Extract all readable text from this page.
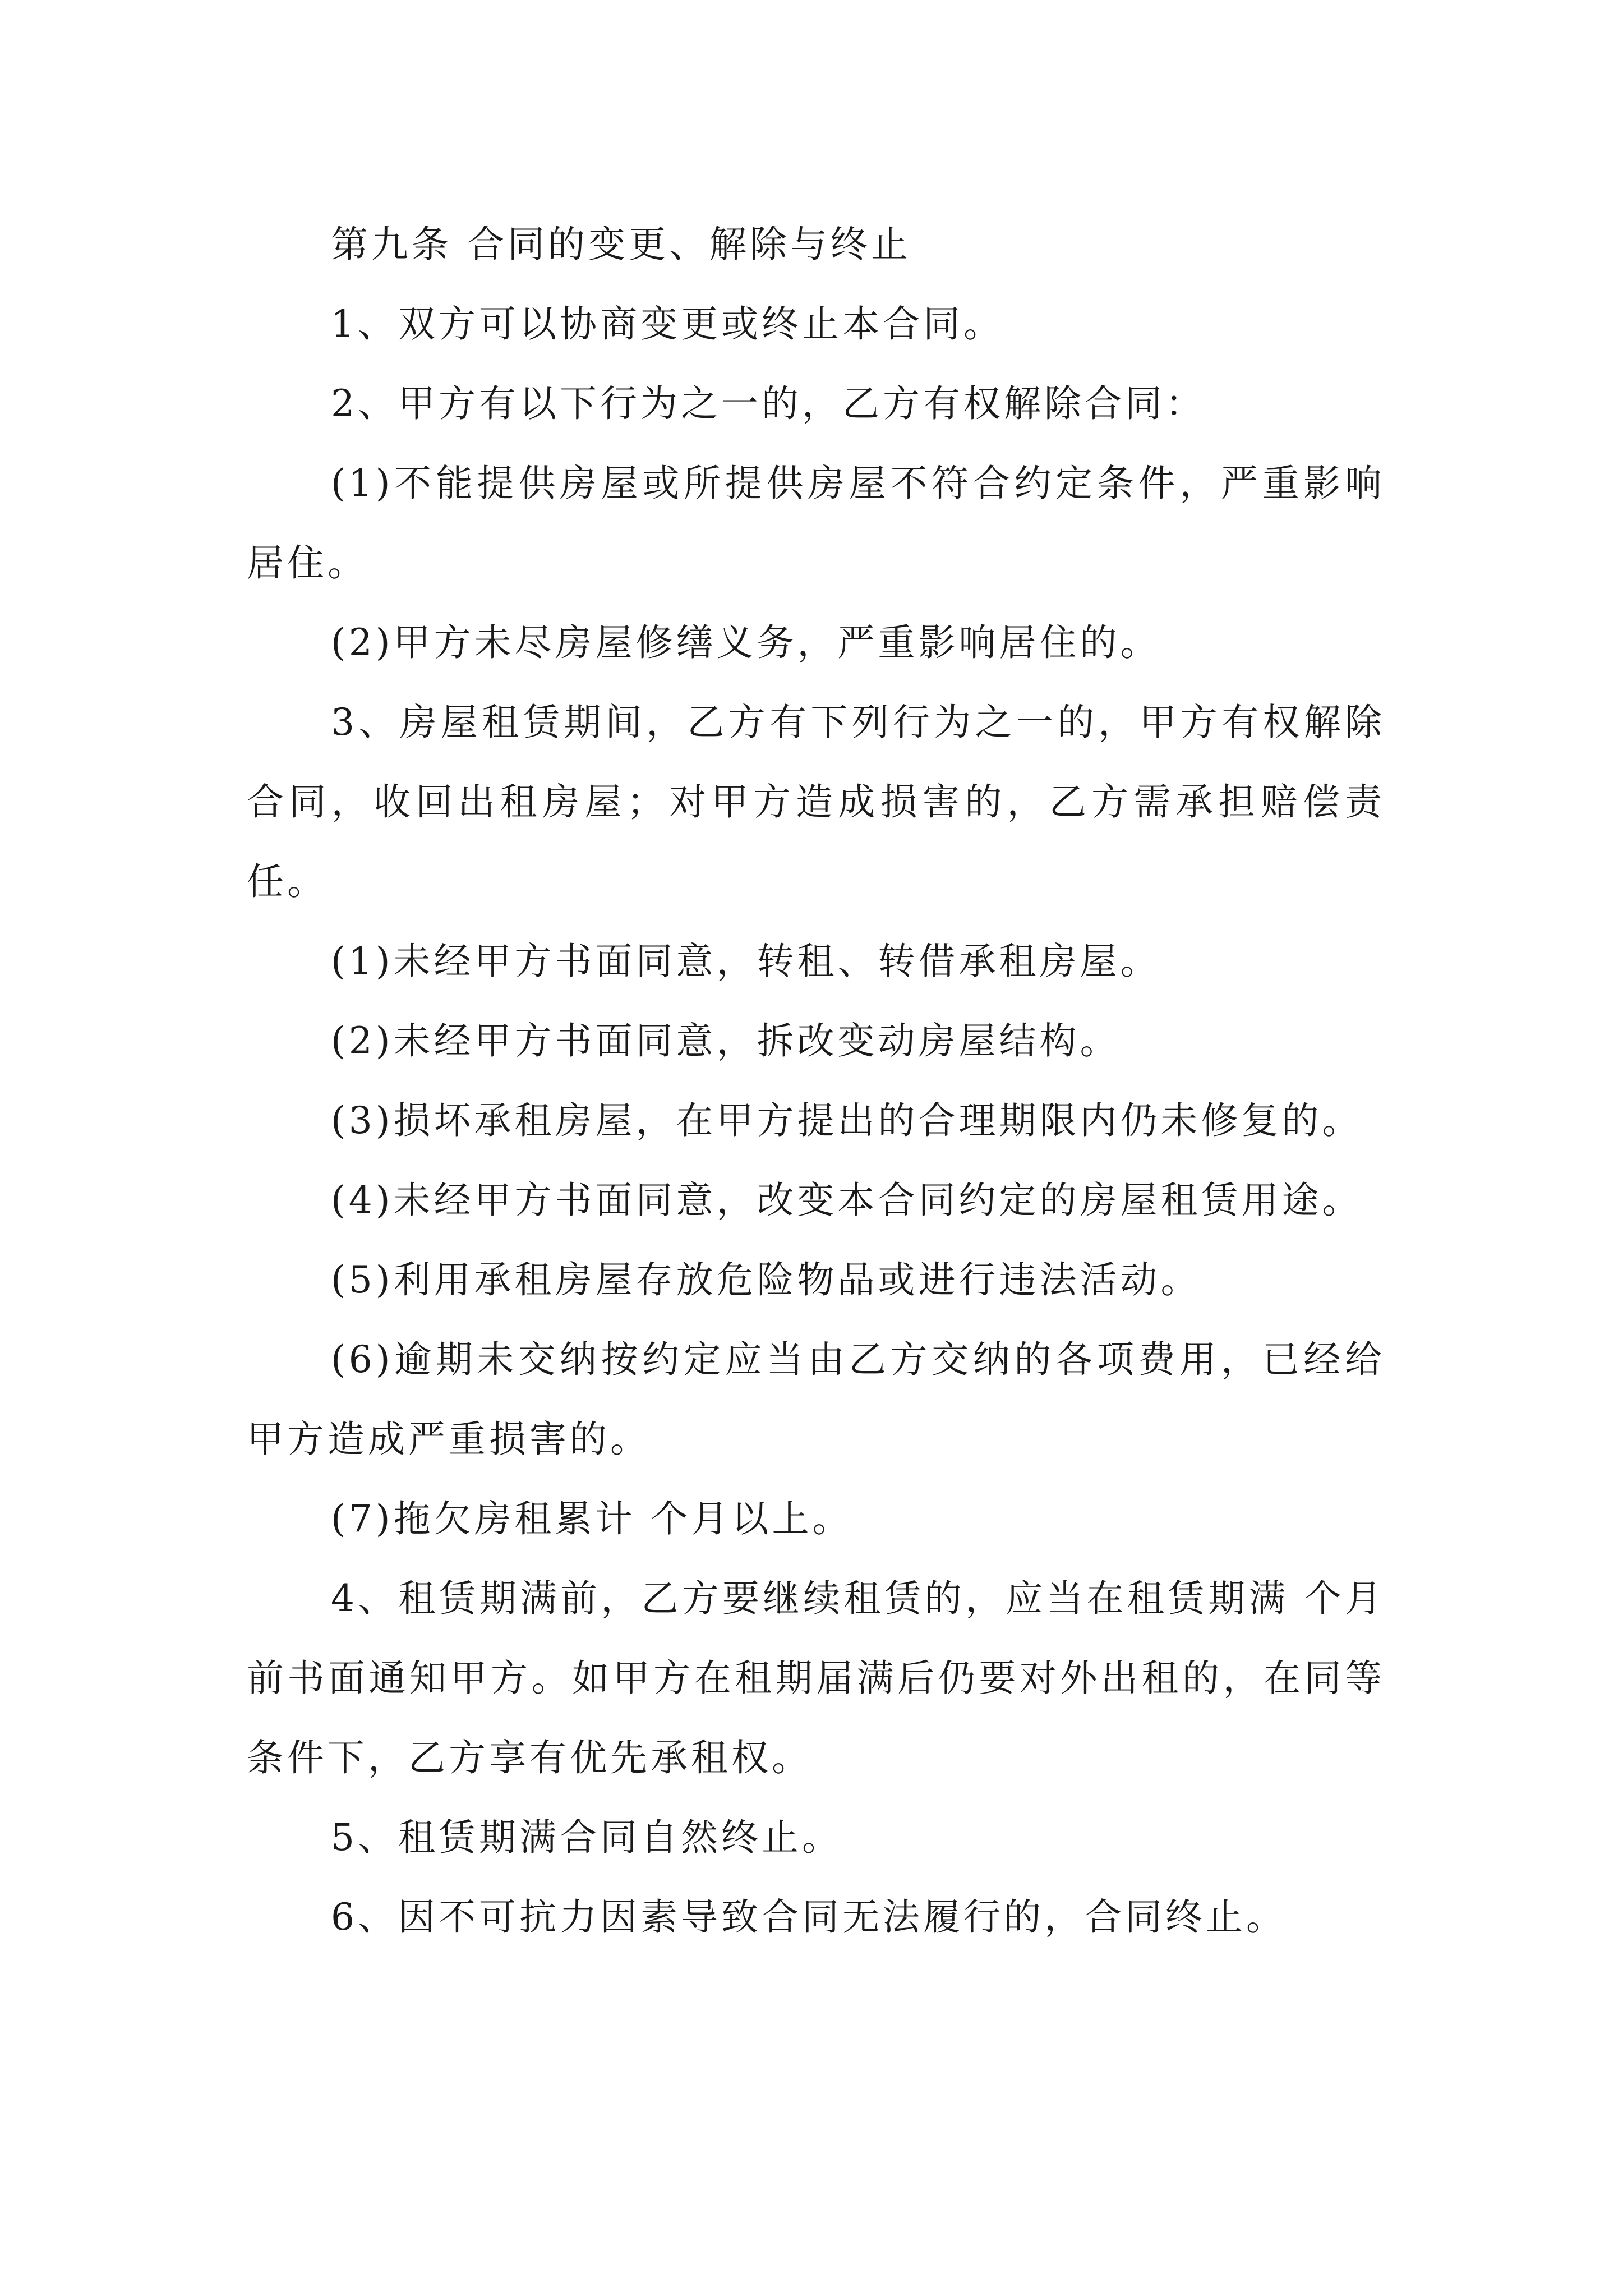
第九条 合同的变更、解除与终止

1、双方可以协商变更或终止本合同。

2、甲方有以下行为之一的，乙方有权解除合同：

(1)不能提供房屋或所提供房屋不符合约定条件，严重影响居住。

(2)甲方未尽房屋修缮义务，严重影响居住的。

3、房屋租赁期间，乙方有下列行为之一的，甲方有权解除合同，收回出租房屋；对甲方造成损害的，乙方需承担赔偿责任。

(1)未经甲方书面同意，转租、转借承租房屋。

(2)未经甲方书面同意，拆改变动房屋结构。

(3)损坏承租房屋，在甲方提出的合理期限内仍未修复的。

(4)未经甲方书面同意，改变本合同约定的房屋租赁用途。

(5)利用承租房屋存放危险物品或进行违法活动。

(6)逾期未交纳按约定应当由乙方交纳的各项费用，已经给甲方造成严重损害的。

(7)拖欠房租累计 个月以上。

4、租赁期满前，乙方要继续租赁的，应当在租赁期满 个月前书面通知甲方。如甲方在租期届满后仍要对外出租的，在同等条件下，乙方享有优先承租权。

5、租赁期满合同自然终止。

6、因不可抗力因素导致合同无法履行的，合同终止。
